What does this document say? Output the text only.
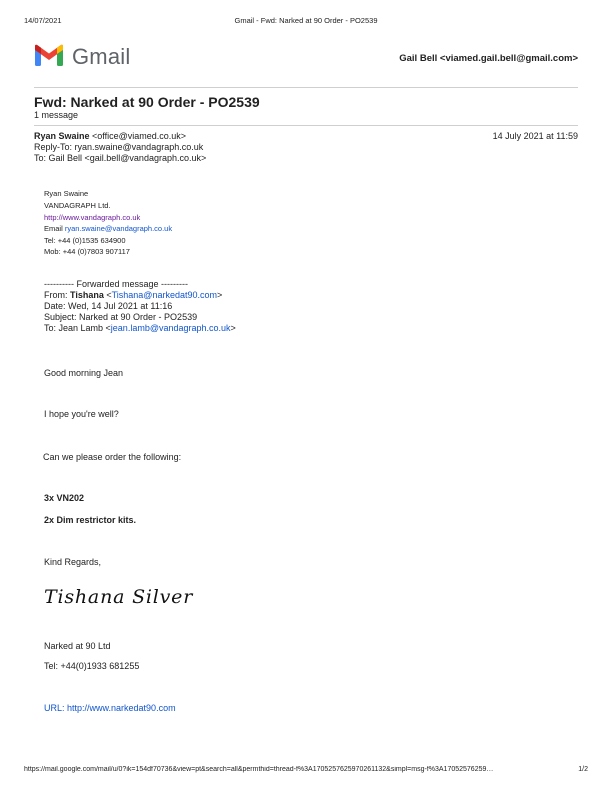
14/07/2021	Gmail - Fwd: Narked at 90 Order - PO2539
Gmail	Gail Bell <viamed.gail.bell@gmail.com>
Fwd: Narked at 90 Order - PO2539
1 message
Ryan Swaine <office@viamed.co.uk>	14 July 2021 at 11:59
Reply-To: ryan.swaine@vandagraph.co.uk
To: Gail Bell <gail.bell@vandagraph.co.uk>
Ryan Swaine
VANDAGRAPH Ltd.
http://www.vandagraph.co.uk
Email ryan.swaine@vandagraph.co.uk
Tel: +44 (0)1535 634900
Mob: +44 (0)7803 907117
---------- Forwarded message ---------
From: Tishana <Tishana@narkedat90.com>
Date: Wed, 14 Jul 2021 at 11:16
Subject: Narked at 90 Order - PO2539
To: Jean Lamb <jean.lamb@vandagraph.co.uk>
Good morning Jean
I hope you're well?
Can we please order the following:
3x VN202
2x Dim restrictor kits.
Kind Regards,
Tishana Silver
Narked at 90 Ltd
Tel: +44(0)1933 681255
URL: http://www.narkedat90.com
https://mail.google.com/mail/u/0?ik=154df70736&view=pt&search=all&permthid=thread-f%3A1705257625970261132&simpl=msg-f%3A17052576259…	1/2
